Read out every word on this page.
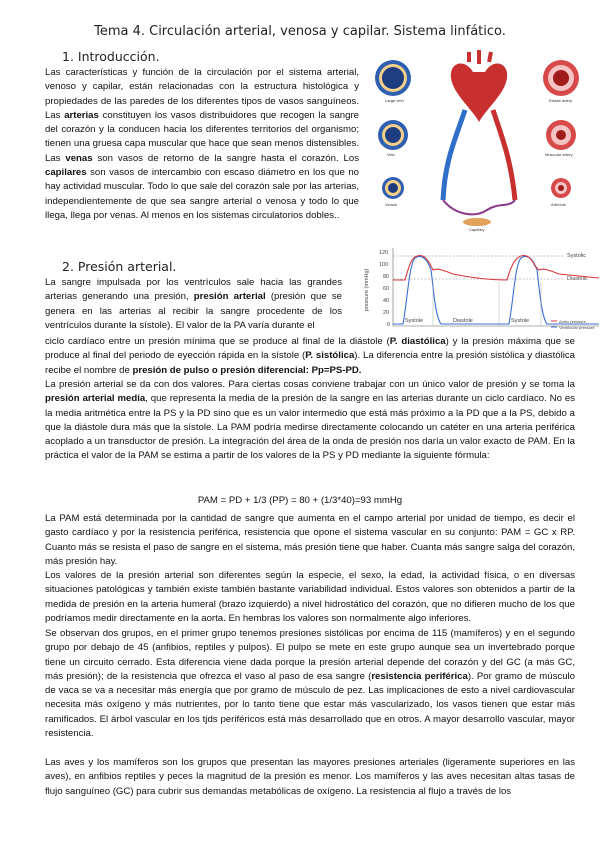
Tema 4. Circulación arterial, venosa y capilar. Sistema linfático.
1. Introducción.

Las características y función de la circulación por el sistema arterial, venoso y capilar, están relacionadas con la estructura histológica y propiedades de las paredes de los diferentes tipos de vasos sanguíneos. Las arterias constituyen los vasos distribuidores que recogen la sangre del corazón y la conducen hacia los diferentes territorios del organismo; tienen una gruesa capa muscular que hace que sean menos distensibles. Las venas son vasos de retorno de la sangre hasta el corazón. Los capilares son vasos de intercambio con escaso diámetro en los que no hay actividad muscular. Todo lo que sale del corazón sale por las arterias, independientemente de que sea sangre arterial o venosa y todo lo que llega, llega por venas. Al menos en los sistemas circulatorios dobles..

Large vein	Elastic artery
Vein	Muscular artery
Venule	Arteriole
Capillary
2. Presión arterial.

La sangre impulsada por los ventrículos sale hacia las grandes arterias generando una presión, presión arterial (presión que se genera en las arterias al recibir la sangre procedente de los ventrículos durante la sístole). El valor de la PA varía durante el

pressure (mmHg)
120
100
80
60
40
20
0
Systolic
Diastolic
Systole	Diastole	Systole	Aortic pressure
Ventricular pressure

ciclo cardíaco entre un presión mínima que se produce al final de la diástole (P. diastólica) y la presión máxima que se produce al final del periodo de eyección rápida en la sístole (P. sistólica). La diferencia entre la presión sistólica y diastólica recibe el nombre de presión de pulso o presión diferencial: Pp=PS-PD.

La presión arterial se da con dos valores. Para ciertas cosas conviene trabajar con un único valor de presión y se toma la presión arterial media, que representa la media de la presión de la sangre en las arterias durante un ciclo cardíaco. No es la media aritmética entre la PS y la PD sino que es un valor intermedio que está más próximo a la PD que a la PS, debido a que la diástole dura más que la sístole. La PAM podría medirse directamente colocando un catéter en una arteria periférica acoplado a un transductor de presión. La integración del área de la onda de presión nos daría un valor exacto de PAM. En la práctica el valor de la PAM se estima a partir de los valores de la PS y PD mediante la siguiente fórmula:

PAM = PD + 1/3 (PP) = 80 + (1/3*40)=93 mmHg

La PAM está determinada por la cantidad de sangre que aumenta en el campo arterial por unidad de tiempo, es decir el gasto cardíaco y por la resistencia periférica, resistencia que opone el sistema vascular en su conjunto: PAM = GC x RP. Cuanto más se resista el paso de sangre en el sistema, más presión tiene que haber. Cuanta más sangre salga del corazón, más presión hay.

Los valores de la presión arterial son diferentes según la especie, el sexo, la edad, la actividad física, o en diversas situaciones patológicas y también existe también bastante variabilidad individual. Estos valores son obtenidos a partir de la medida de presión en la arteria humeral (brazo izquierdo) a nivel hidrostático del corazón, que no difieren mucho de los que podríamos medir directamente en la aorta. En hembras los valores son normalmente algo inferiores.

Se observan dos grupos, en el primer grupo tenemos presiones sistólicas por encima de 115 (mamíferos) y en el segundo grupo por debajo de 45 (anfibios, reptiles y pulpos). El pulpo se mete en este grupo aunque sea un invertebrado porque tiene un circuito cerrado. Esta diferencia viene dada porque la presión arterial depende del corazón y del GC (a más GC, más presión); de la resistencia que ofrezca el vaso al paso de esa sangre (resistencia periférica). Por gramo de músculo de vaca se va a necesitar más energía que por gramo de músculo de pez. Las implicaciones de esto a nivel cardiovascular necesita más oxígeno y más nutrientes, por lo tanto tiene que estar más vascularizado, los vasos tienen que estar más ramificados. El árbol vascular en los tjds periféricos está más desarrollado que en otros. A mayor desarrollo vascular, mayor resistencia.

Las aves y los mamíferos son los grupos que presentan las mayores presiones arteriales (ligeramente superiores en las aves), en anfibios reptiles y peces la magnitud de la presión es menor. Los mamíferos y las aves necesitan altas tasas de flujo sanguíneo (GC) para cubrir sus demandas metabólicas de oxígeno. La resistencia al flujo a través de los
